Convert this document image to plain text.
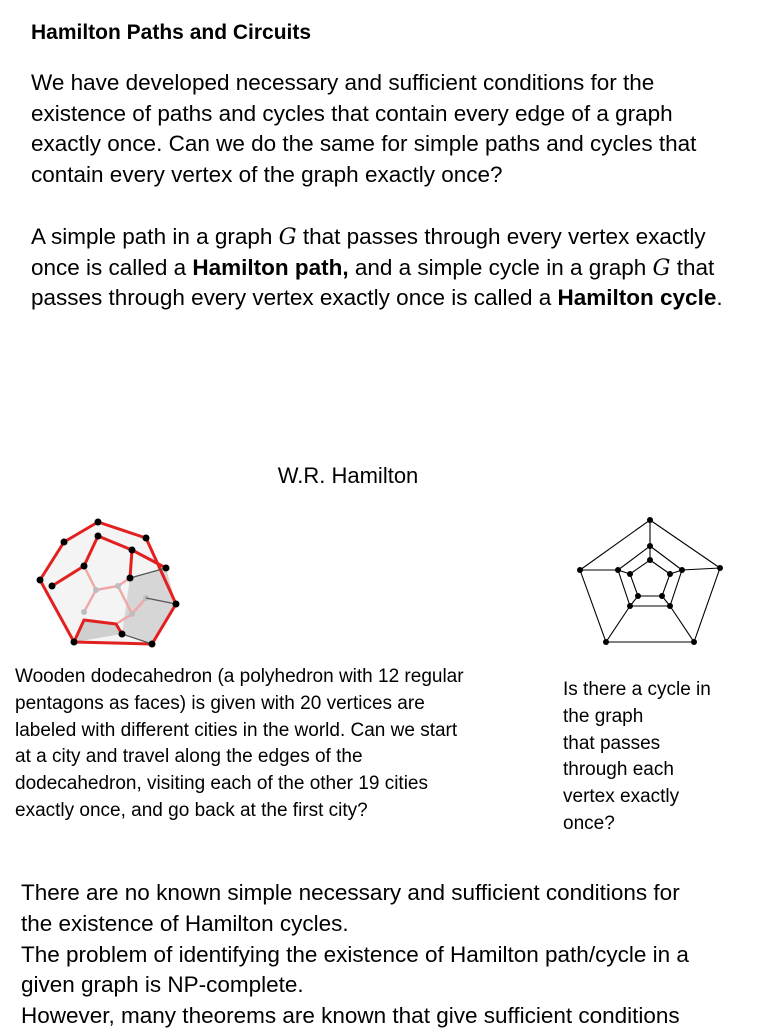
Hamilton Paths and Circuits
We have developed necessary and sufficient conditions for the existence of paths and cycles that contain every edge of a graph exactly once. Can we do the same for simple paths and cycles that contain every vertex of the graph exactly once?
A simple path in a graph G that passes through every vertex exactly once is called a Hamilton path, and a simple cycle in a graph G that passes through every vertex exactly once is called a Hamilton cycle.
W.R. Hamilton
Wooden dodecahedron (a polyhedron with 12 regular pentagons as faces) is given with 20 vertices are labeled with different cities in the world. Can we start at a city and travel along the edges of the dodecahedron, visiting each of the other 19 cities exactly once, and go back at the first city?
Is there a cycle in
the graph
that passes
through each
vertex exactly
once?
There are no known simple necessary and sufficient conditions for
the existence of Hamilton cycles.
The problem of identifying the existence of Hamilton path/cycle in a
given graph is NP-complete.
However, many theorems are known that give sufficient conditions
